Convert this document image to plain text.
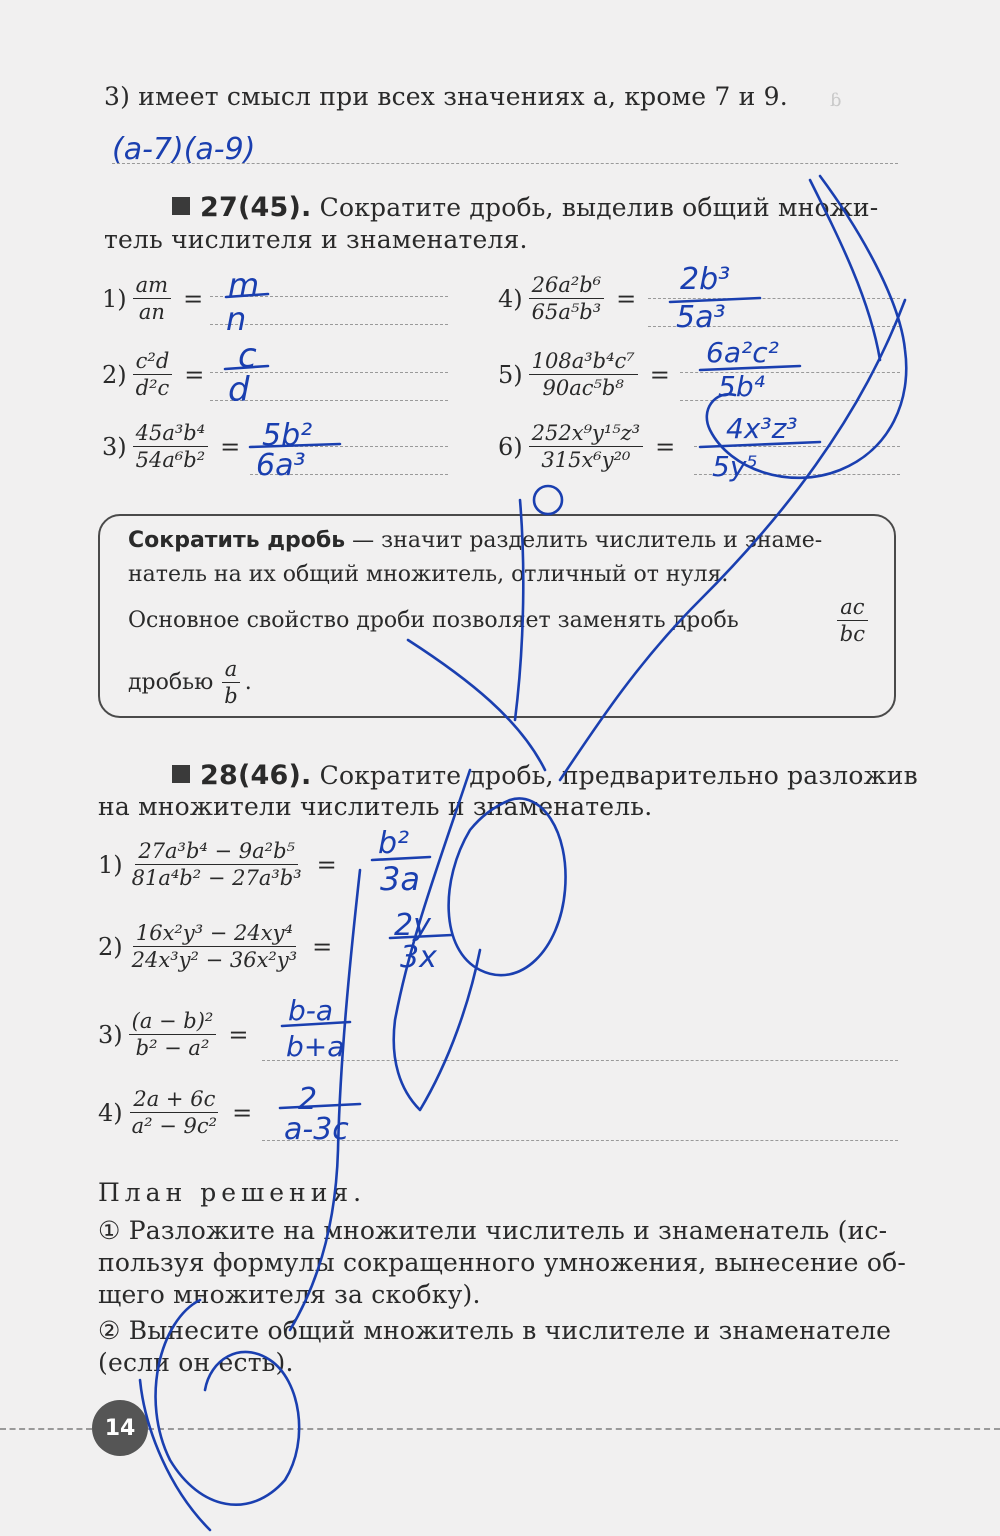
ɓ
3) имеет смысл при всех значениях a, кроме 7 и 9.
(a-7)(a-9)
27(45). Сократите дробь, выделив общий множи-
тель числителя и знаменателя.
$1) \frac{am}{an}$ =
$2) \frac{\text{c²d}}{\text{d²c}}$ =
$3) \frac{\text{45a³b⁴}}{\text{54a⁶b²}}$ =
$4) \frac{\text{26a²b⁶}}{\text{65a⁵b³}}$ =
$5) \frac{\text{108a³b⁴c⁷}}{\text{90ac⁵b⁸}}$ =
$6) \frac{\text{252x⁹y¹⁵z³}}{\text{315x⁶y²⁰}}$ =
m
n
c
d
5b²
6a³
2b³
5a³
6a²c²
5b⁴
4x³z³
5y⁵
Сократить дробь — значит разделить числитель и знаме-
натель на их общий множитель, отличный от нуля.
Основное свойство дроби позволяет заменять дробь	$\frac{ac}{bc}$
дробью $\frac{a}{b}$ .
28(46). Сократите дробь, предварительно разложив
на множители числитель и знаменатель.
$1) \frac{\text{27a³b⁴ − 9a²b⁵}}{\text{81a⁴b² − 27a³b³}}$ =
$2) \frac{\text{16x²y³ − 24xy⁴}}{\text{24x³y² − 36x²y³}}$ =
$3) \frac{\text{(a − b)²}}{\text{b² − a²}}$ =
$4) \frac{2a + 6c}{\text{a² − 9c²}}$ =
b²
3a
2y
3x
b-a
b+a
2
a-3c
План решения.
① Разложите на множители числитель и знаменатель (ис-
пользуя формулы сокращенного умножения, вынесение об-
щего множителя за скобку).
② Вынесите общий множитель в числителе и знаменателе
(если он есть).
14
